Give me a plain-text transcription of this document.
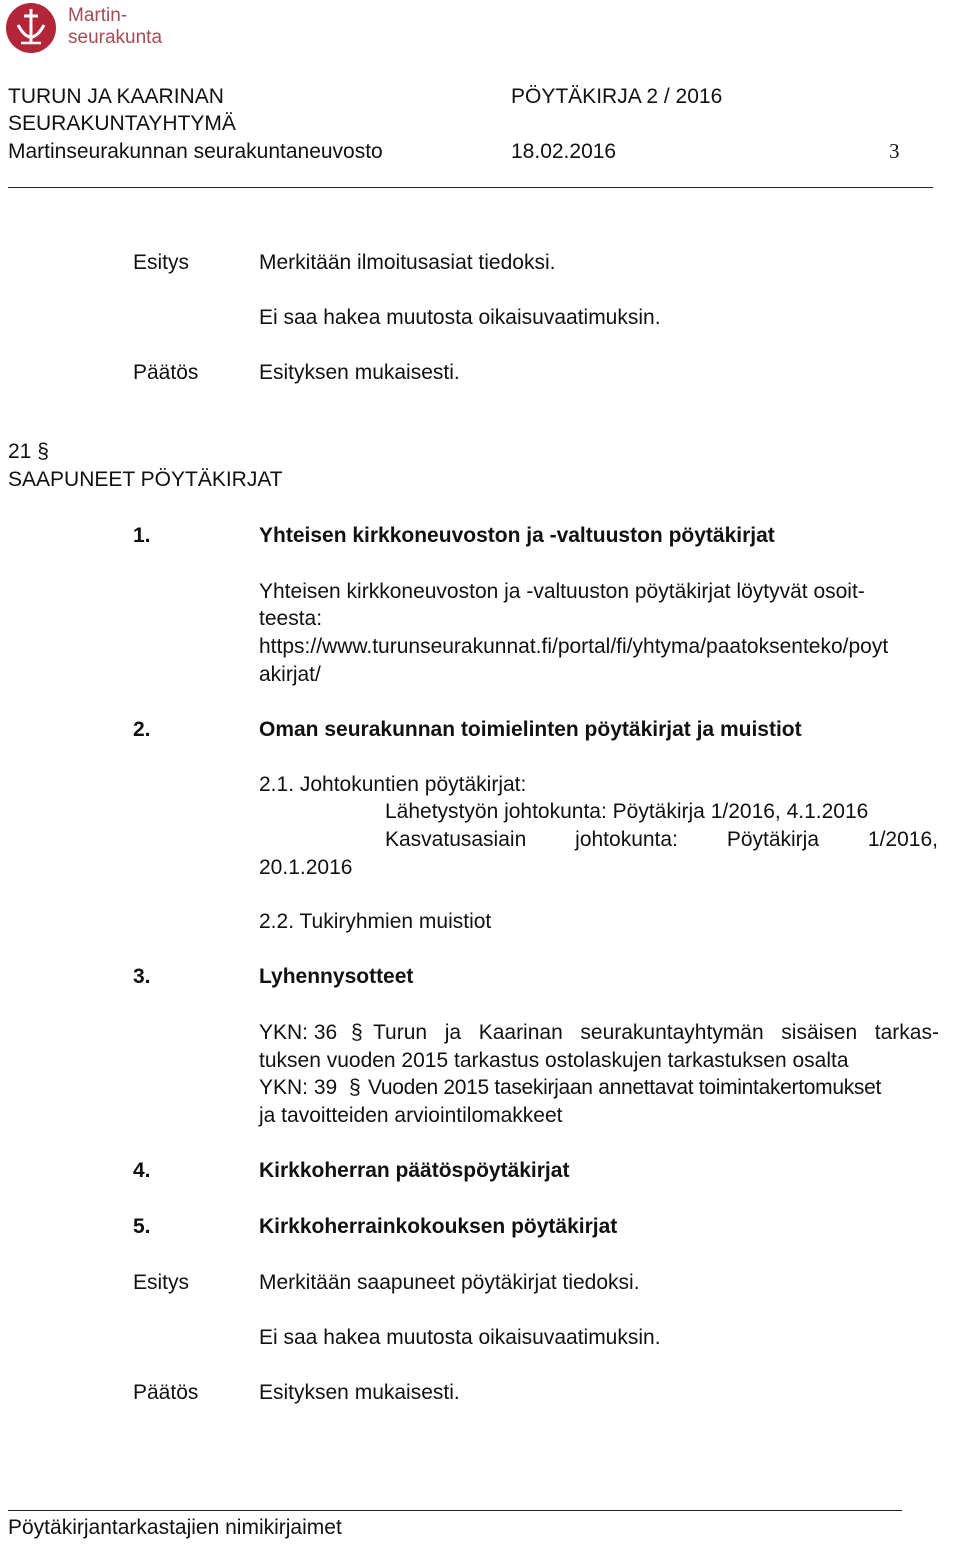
Martin-
seurakunta
TURUN JA KAARINAN
SEURAKUNTAYHTYMÄ
Martinseurakunnan seurakuntaneuvosto
PÖYTÄKIRJA 2 / 2016
18.02.2016	3
Esitys	Merkitään ilmoitusasiat tiedoksi.
Ei saa hakea muutosta oikaisuvaatimuksin.
Päätös	Esityksen mukaisesti.
21 §
SAAPUNEET PÖYTÄKIRJAT
1.	Yhteisen kirkkoneuvoston ja -valtuuston pöytäkirjat
Yhteisen kirkkoneuvoston ja -valtuuston pöytäkirjat löytyvät osoit-
teesta:
https://www.turunseurakunnat.fi/portal/fi/yhtyma/paatoksenteko/poyt
akirjat/
2.	Oman seurakunnan toimielinten pöytäkirjat ja muistiot
2.1. Johtokuntien pöytäkirjat:
Lähetystyön johtokunta: Pöytäkirja 1/2016, 4.1.2016
Kasvatusasiain johtokunta: Pöytäkirja 1/2016,
20.1.2016
2.2. Tukiryhmien muistiot
3.	Lyhennysotteet
YKN: 36 § Turun ja Kaarinan seurakuntayhtymän sisäisen tarkas-
tuksen vuoden 2015 tarkastus ostolaskujen tarkastuksen osalta
YKN: 39 § Vuoden 2015 tasekirjaan annettavat toimintakertomukset
ja tavoitteiden arviointilomakkeet
4.	Kirkkoherran päätöspöytäkirjat
5.	Kirkkoherrainkokouksen pöytäkirjat
Esitys	Merkitään saapuneet pöytäkirjat tiedoksi.
Ei saa hakea muutosta oikaisuvaatimuksin.
Päätös	Esityksen mukaisesti.
Pöytäkirjantarkastajien nimikirjaimet
